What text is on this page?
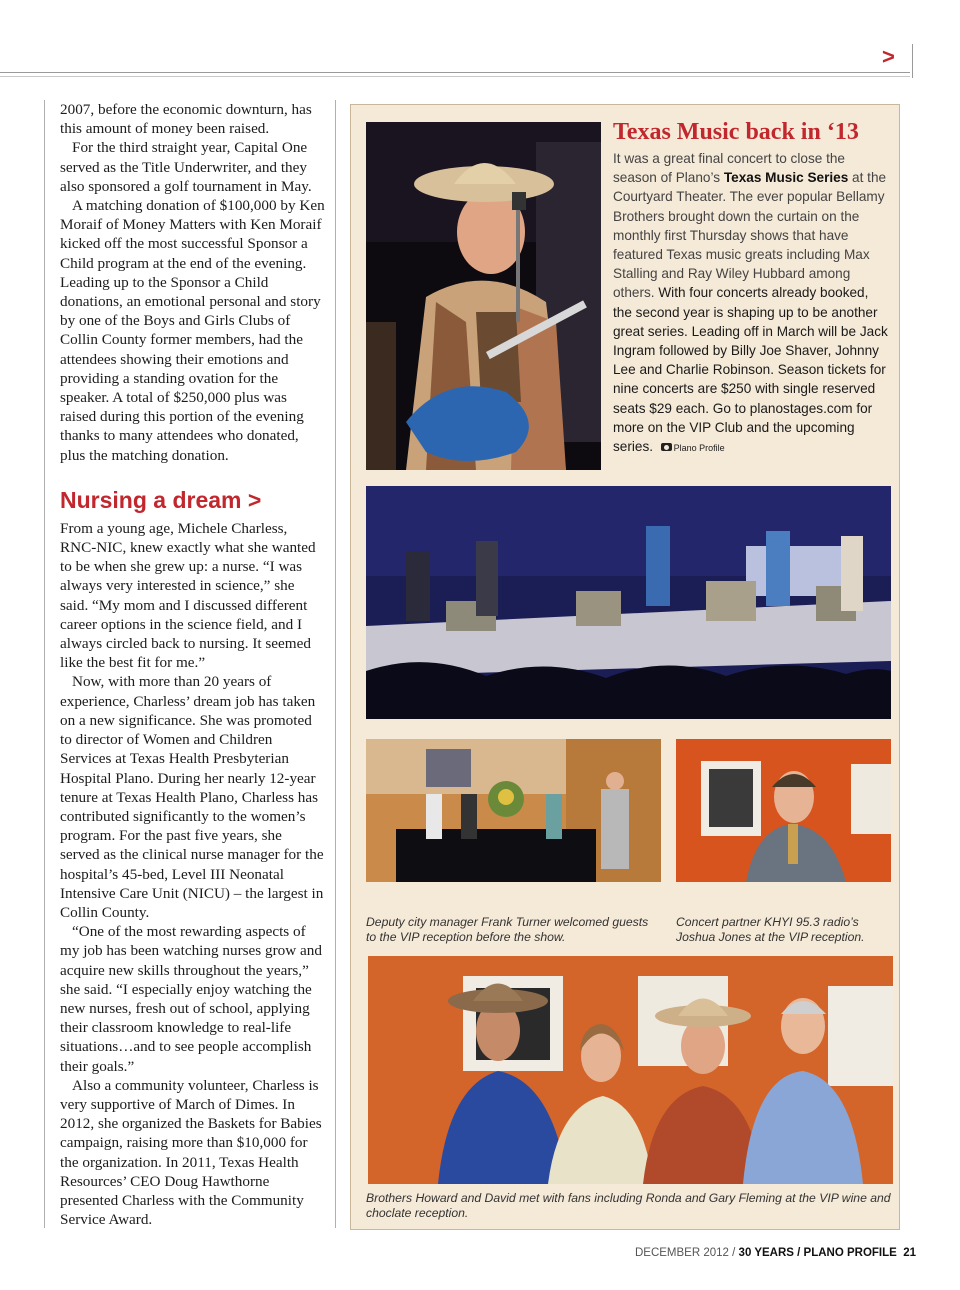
>

2007, before the economic downturn, has this amount of money been raised.

For the third straight year, Capital One served as the Title Underwriter, and they also sponsored a golf tournament in May.

A matching donation of $100,000 by Ken Moraif of Money Matters with Ken Moraif kicked off the most successful Sponsor a Child program at the end of the evening. Leading up to the Sponsor a Child donations, an emotional personal and story by one of the Boys and Girls Clubs of Collin County former members, had the attendees showing their emotions and providing a standing ovation for the speaker. A total of $250,000 plus was raised during this portion of the evening thanks to many attendees who donated, plus the matching donation.

Nursing a dream >

From a young age, Michele Charless, RNC-NIC, knew exactly what she wanted to be when she grew up: a nurse. “I was always very interested in science,” she said. “My mom and I discussed different career options in the science field, and I always circled back to nursing. It seemed like the best fit for me.”

Now, with more than 20 years of experience, Charless’ dream job has taken on a new significance. She was promoted to director of Women and Children Services at Texas Health Presbyterian Hospital Plano. During her nearly 12-year tenure at Texas Health Plano, Charless has contributed significantly to the women’s program. For the past five years, she served as the clinical nurse manager for the hospital’s 45-bed, Level III Neonatal Intensive Care Unit (NICU) – the largest in Collin County.

“One of the most rewarding aspects of my job has been watching nurses grow and acquire new skills throughout the years,” she said. “I especially enjoy watching the new nurses, fresh out of school, applying their classroom knowledge to real-life situations…and to see people accomplish their goals.”

Also a community volunteer, Charless is very supportive of March of Dimes. In 2012, she organized the Baskets for Babies campaign, raising more than $10,000 for the organization. In 2011, Texas Health Resources’ CEO Doug Hawthorne presented Charless with the Community Service Award.

Texas Music back in ‘13
It was a great final concert to close the season of Plano’s Texas Music Series at the Courtyard Theater. The ever popular Bellamy Brothers brought down the curtain on the monthly first Thursday shows that have featured Texas music greats including Max Stalling and Ray Wiley Hubbard among others. With four concerts already booked, the second year is shaping up to be another great series. Leading off in March will be Jack Ingram followed by Billy Joe Shaver, Johnny Lee and Charlie Robinson. Season tickets for nine concerts are $250 with single reserved seats $29 each. Go to planostages.com for more on the VIP Club and the upcoming series. Plano Profile
Deputy city manager Frank Turner welcomed guests to the VIP reception before the show.
Concert partner KHYI 95.3 radio’s Joshua Jones at the VIP reception.
Brothers Howard and David met with fans including Ronda and Gary Fleming at the VIP wine and choclate reception.
DECEMBER 2012 / 30 YEARS / PLANO PROFILE 21
